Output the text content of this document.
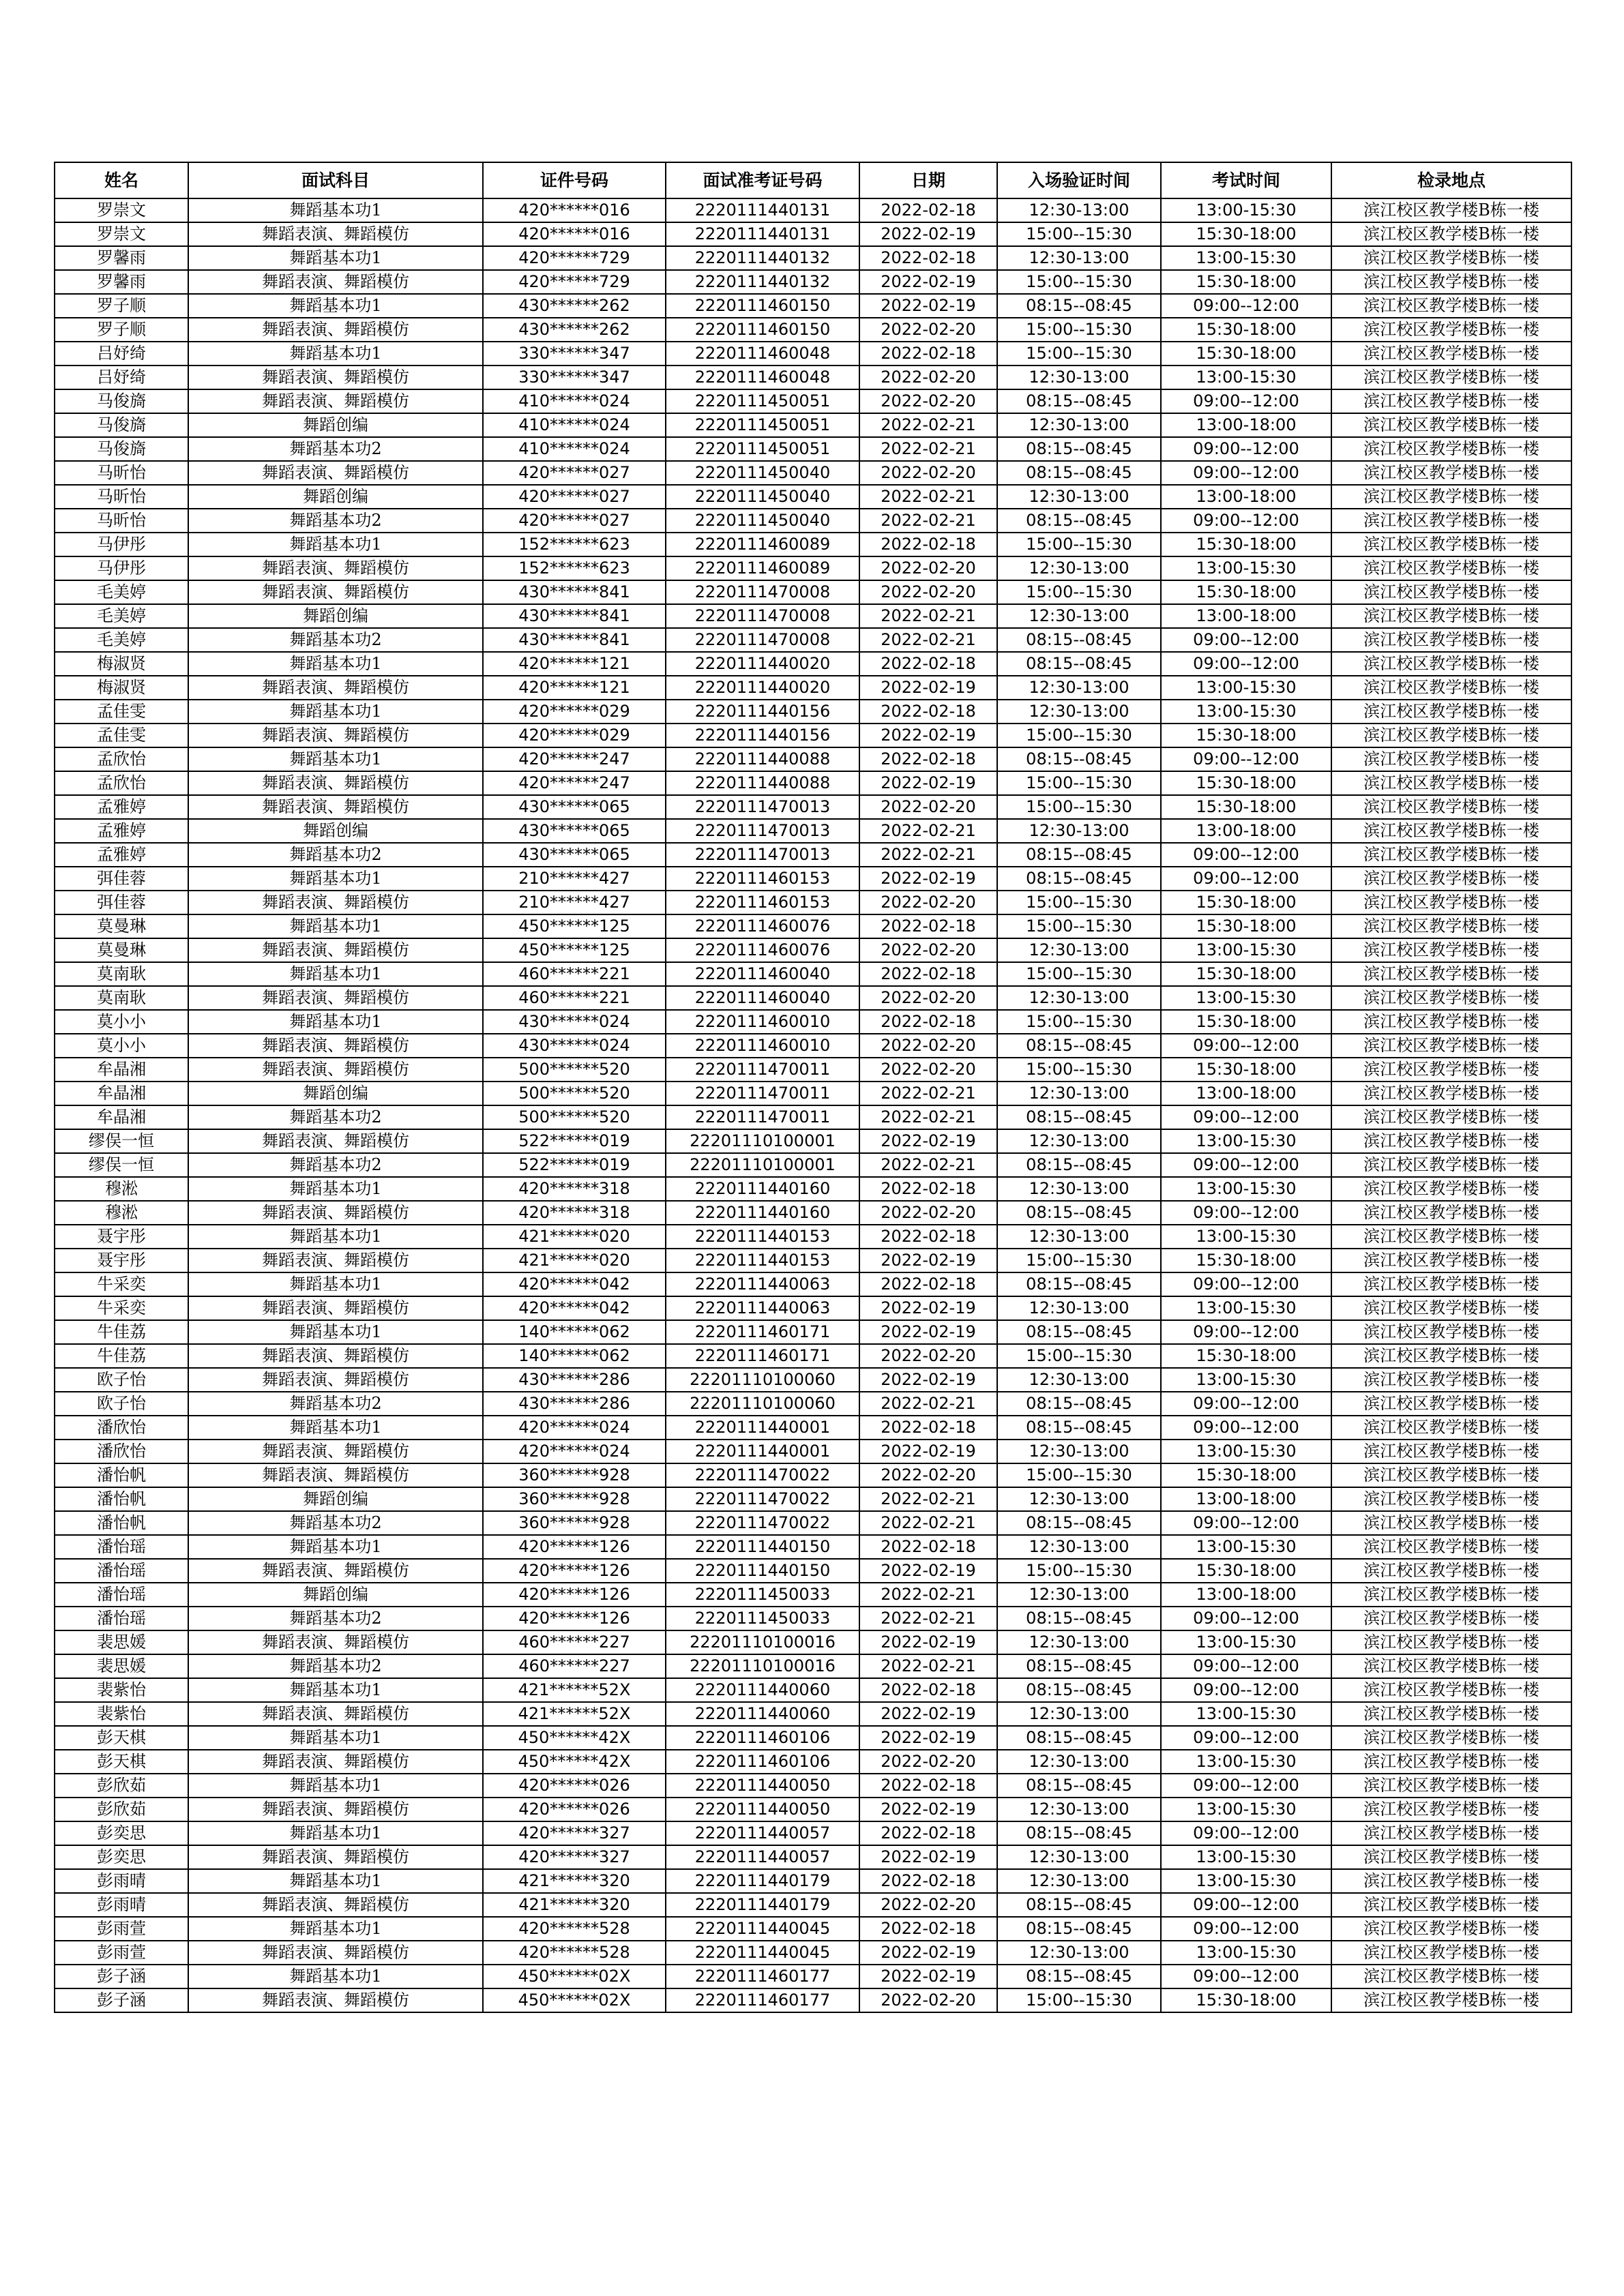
姓名	面试科目	证件号码	面试准考证号码	日期	入场验证时间	考试时间	检录地点
罗崇文	舞蹈基本功1	420******016	2220111440131	2022-02-18	12:30-13:00	13:00-15:30	滨江校区教学楼B栋一楼
罗崇文	舞蹈表演、舞蹈模仿	420******016	2220111440131	2022-02-19	15:00--15:30	15:30-18:00	滨江校区教学楼B栋一楼
罗馨雨	舞蹈基本功1	420******729	2220111440132	2022-02-18	12:30-13:00	13:00-15:30	滨江校区教学楼B栋一楼
罗馨雨	舞蹈表演、舞蹈模仿	420******729	2220111440132	2022-02-19	15:00--15:30	15:30-18:00	滨江校区教学楼B栋一楼
罗子顺	舞蹈基本功1	430******262	2220111460150	2022-02-19	08:15--08:45	09:00--12:00	滨江校区教学楼B栋一楼
罗子顺	舞蹈表演、舞蹈模仿	430******262	2220111460150	2022-02-20	15:00--15:30	15:30-18:00	滨江校区教学楼B栋一楼
吕妤绮	舞蹈基本功1	330******347	2220111460048	2022-02-18	15:00--15:30	15:30-18:00	滨江校区教学楼B栋一楼
吕妤绮	舞蹈表演、舞蹈模仿	330******347	2220111460048	2022-02-20	12:30-13:00	13:00-15:30	滨江校区教学楼B栋一楼
马俊旖	舞蹈表演、舞蹈模仿	410******024	2220111450051	2022-02-20	08:15--08:45	09:00--12:00	滨江校区教学楼B栋一楼
马俊旖	舞蹈创编	410******024	2220111450051	2022-02-21	12:30-13:00	13:00-18:00	滨江校区教学楼B栋一楼
马俊旖	舞蹈基本功2	410******024	2220111450051	2022-02-21	08:15--08:45	09:00--12:00	滨江校区教学楼B栋一楼
马昕怡	舞蹈表演、舞蹈模仿	420******027	2220111450040	2022-02-20	08:15--08:45	09:00--12:00	滨江校区教学楼B栋一楼
马昕怡	舞蹈创编	420******027	2220111450040	2022-02-21	12:30-13:00	13:00-18:00	滨江校区教学楼B栋一楼
马昕怡	舞蹈基本功2	420******027	2220111450040	2022-02-21	08:15--08:45	09:00--12:00	滨江校区教学楼B栋一楼
马伊彤	舞蹈基本功1	152******623	2220111460089	2022-02-18	15:00--15:30	15:30-18:00	滨江校区教学楼B栋一楼
马伊彤	舞蹈表演、舞蹈模仿	152******623	2220111460089	2022-02-20	12:30-13:00	13:00-15:30	滨江校区教学楼B栋一楼
毛美婷	舞蹈表演、舞蹈模仿	430******841	2220111470008	2022-02-20	15:00--15:30	15:30-18:00	滨江校区教学楼B栋一楼
毛美婷	舞蹈创编	430******841	2220111470008	2022-02-21	12:30-13:00	13:00-18:00	滨江校区教学楼B栋一楼
毛美婷	舞蹈基本功2	430******841	2220111470008	2022-02-21	08:15--08:45	09:00--12:00	滨江校区教学楼B栋一楼
梅淑贤	舞蹈基本功1	420******121	2220111440020	2022-02-18	08:15--08:45	09:00--12:00	滨江校区教学楼B栋一楼
梅淑贤	舞蹈表演、舞蹈模仿	420******121	2220111440020	2022-02-19	12:30-13:00	13:00-15:30	滨江校区教学楼B栋一楼
孟佳雯	舞蹈基本功1	420******029	2220111440156	2022-02-18	12:30-13:00	13:00-15:30	滨江校区教学楼B栋一楼
孟佳雯	舞蹈表演、舞蹈模仿	420******029	2220111440156	2022-02-19	15:00--15:30	15:30-18:00	滨江校区教学楼B栋一楼
孟欣怡	舞蹈基本功1	420******247	2220111440088	2022-02-18	08:15--08:45	09:00--12:00	滨江校区教学楼B栋一楼
孟欣怡	舞蹈表演、舞蹈模仿	420******247	2220111440088	2022-02-19	15:00--15:30	15:30-18:00	滨江校区教学楼B栋一楼
孟雅婷	舞蹈表演、舞蹈模仿	430******065	2220111470013	2022-02-20	15:00--15:30	15:30-18:00	滨江校区教学楼B栋一楼
孟雅婷	舞蹈创编	430******065	2220111470013	2022-02-21	12:30-13:00	13:00-18:00	滨江校区教学楼B栋一楼
孟雅婷	舞蹈基本功2	430******065	2220111470013	2022-02-21	08:15--08:45	09:00--12:00	滨江校区教学楼B栋一楼
弭佳蓉	舞蹈基本功1	210******427	2220111460153	2022-02-19	08:15--08:45	09:00--12:00	滨江校区教学楼B栋一楼
弭佳蓉	舞蹈表演、舞蹈模仿	210******427	2220111460153	2022-02-20	15:00--15:30	15:30-18:00	滨江校区教学楼B栋一楼
莫曼琳	舞蹈基本功1	450******125	2220111460076	2022-02-18	15:00--15:30	15:30-18:00	滨江校区教学楼B栋一楼
莫曼琳	舞蹈表演、舞蹈模仿	450******125	2220111460076	2022-02-20	12:30-13:00	13:00-15:30	滨江校区教学楼B栋一楼
莫南耿	舞蹈基本功1	460******221	2220111460040	2022-02-18	15:00--15:30	15:30-18:00	滨江校区教学楼B栋一楼
莫南耿	舞蹈表演、舞蹈模仿	460******221	2220111460040	2022-02-20	12:30-13:00	13:00-15:30	滨江校区教学楼B栋一楼
莫小小	舞蹈基本功1	430******024	2220111460010	2022-02-18	15:00--15:30	15:30-18:00	滨江校区教学楼B栋一楼
莫小小	舞蹈表演、舞蹈模仿	430******024	2220111460010	2022-02-20	08:15--08:45	09:00--12:00	滨江校区教学楼B栋一楼
牟晶湘	舞蹈表演、舞蹈模仿	500******520	2220111470011	2022-02-20	15:00--15:30	15:30-18:00	滨江校区教学楼B栋一楼
牟晶湘	舞蹈创编	500******520	2220111470011	2022-02-21	12:30-13:00	13:00-18:00	滨江校区教学楼B栋一楼
牟晶湘	舞蹈基本功2	500******520	2220111470011	2022-02-21	08:15--08:45	09:00--12:00	滨江校区教学楼B栋一楼
缪俣一恒	舞蹈表演、舞蹈模仿	522******019	22201110100001	2022-02-19	12:30-13:00	13:00-15:30	滨江校区教学楼B栋一楼
缪俣一恒	舞蹈基本功2	522******019	22201110100001	2022-02-21	08:15--08:45	09:00--12:00	滨江校区教学楼B栋一楼
穆淞	舞蹈基本功1	420******318	2220111440160	2022-02-18	12:30-13:00	13:00-15:30	滨江校区教学楼B栋一楼
穆淞	舞蹈表演、舞蹈模仿	420******318	2220111440160	2022-02-20	08:15--08:45	09:00--12:00	滨江校区教学楼B栋一楼
聂宇彤	舞蹈基本功1	421******020	2220111440153	2022-02-18	12:30-13:00	13:00-15:30	滨江校区教学楼B栋一楼
聂宇彤	舞蹈表演、舞蹈模仿	421******020	2220111440153	2022-02-19	15:00--15:30	15:30-18:00	滨江校区教学楼B栋一楼
牛采奕	舞蹈基本功1	420******042	2220111440063	2022-02-18	08:15--08:45	09:00--12:00	滨江校区教学楼B栋一楼
牛采奕	舞蹈表演、舞蹈模仿	420******042	2220111440063	2022-02-19	12:30-13:00	13:00-15:30	滨江校区教学楼B栋一楼
牛佳荔	舞蹈基本功1	140******062	2220111460171	2022-02-19	08:15--08:45	09:00--12:00	滨江校区教学楼B栋一楼
牛佳荔	舞蹈表演、舞蹈模仿	140******062	2220111460171	2022-02-20	15:00--15:30	15:30-18:00	滨江校区教学楼B栋一楼
欧子怡	舞蹈表演、舞蹈模仿	430******286	22201110100060	2022-02-19	12:30-13:00	13:00-15:30	滨江校区教学楼B栋一楼
欧子怡	舞蹈基本功2	430******286	22201110100060	2022-02-21	08:15--08:45	09:00--12:00	滨江校区教学楼B栋一楼
潘欣怡	舞蹈基本功1	420******024	2220111440001	2022-02-18	08:15--08:45	09:00--12:00	滨江校区教学楼B栋一楼
潘欣怡	舞蹈表演、舞蹈模仿	420******024	2220111440001	2022-02-19	12:30-13:00	13:00-15:30	滨江校区教学楼B栋一楼
潘怡帆	舞蹈表演、舞蹈模仿	360******928	2220111470022	2022-02-20	15:00--15:30	15:30-18:00	滨江校区教学楼B栋一楼
潘怡帆	舞蹈创编	360******928	2220111470022	2022-02-21	12:30-13:00	13:00-18:00	滨江校区教学楼B栋一楼
潘怡帆	舞蹈基本功2	360******928	2220111470022	2022-02-21	08:15--08:45	09:00--12:00	滨江校区教学楼B栋一楼
潘怡瑶	舞蹈基本功1	420******126	2220111440150	2022-02-18	12:30-13:00	13:00-15:30	滨江校区教学楼B栋一楼
潘怡瑶	舞蹈表演、舞蹈模仿	420******126	2220111440150	2022-02-19	15:00--15:30	15:30-18:00	滨江校区教学楼B栋一楼
潘怡瑶	舞蹈创编	420******126	2220111450033	2022-02-21	12:30-13:00	13:00-18:00	滨江校区教学楼B栋一楼
潘怡瑶	舞蹈基本功2	420******126	2220111450033	2022-02-21	08:15--08:45	09:00--12:00	滨江校区教学楼B栋一楼
裴思媛	舞蹈表演、舞蹈模仿	460******227	22201110100016	2022-02-19	12:30-13:00	13:00-15:30	滨江校区教学楼B栋一楼
裴思媛	舞蹈基本功2	460******227	22201110100016	2022-02-21	08:15--08:45	09:00--12:00	滨江校区教学楼B栋一楼
裴紫怡	舞蹈基本功1	421******52X	2220111440060	2022-02-18	08:15--08:45	09:00--12:00	滨江校区教学楼B栋一楼
裴紫怡	舞蹈表演、舞蹈模仿	421******52X	2220111440060	2022-02-19	12:30-13:00	13:00-15:30	滨江校区教学楼B栋一楼
彭天棋	舞蹈基本功1	450******42X	2220111460106	2022-02-19	08:15--08:45	09:00--12:00	滨江校区教学楼B栋一楼
彭天棋	舞蹈表演、舞蹈模仿	450******42X	2220111460106	2022-02-20	12:30-13:00	13:00-15:30	滨江校区教学楼B栋一楼
彭欣茹	舞蹈基本功1	420******026	2220111440050	2022-02-18	08:15--08:45	09:00--12:00	滨江校区教学楼B栋一楼
彭欣茹	舞蹈表演、舞蹈模仿	420******026	2220111440050	2022-02-19	12:30-13:00	13:00-15:30	滨江校区教学楼B栋一楼
彭奕思	舞蹈基本功1	420******327	2220111440057	2022-02-18	08:15--08:45	09:00--12:00	滨江校区教学楼B栋一楼
彭奕思	舞蹈表演、舞蹈模仿	420******327	2220111440057	2022-02-19	12:30-13:00	13:00-15:30	滨江校区教学楼B栋一楼
彭雨晴	舞蹈基本功1	421******320	2220111440179	2022-02-18	12:30-13:00	13:00-15:30	滨江校区教学楼B栋一楼
彭雨晴	舞蹈表演、舞蹈模仿	421******320	2220111440179	2022-02-20	08:15--08:45	09:00--12:00	滨江校区教学楼B栋一楼
彭雨萱	舞蹈基本功1	420******528	2220111440045	2022-02-18	08:15--08:45	09:00--12:00	滨江校区教学楼B栋一楼
彭雨萱	舞蹈表演、舞蹈模仿	420******528	2220111440045	2022-02-19	12:30-13:00	13:00-15:30	滨江校区教学楼B栋一楼
彭子涵	舞蹈基本功1	450******02X	2220111460177	2022-02-19	08:15--08:45	09:00--12:00	滨江校区教学楼B栋一楼
彭子涵	舞蹈表演、舞蹈模仿	450******02X	2220111460177	2022-02-20	15:00--15:30	15:30-18:00	滨江校区教学楼B栋一楼
